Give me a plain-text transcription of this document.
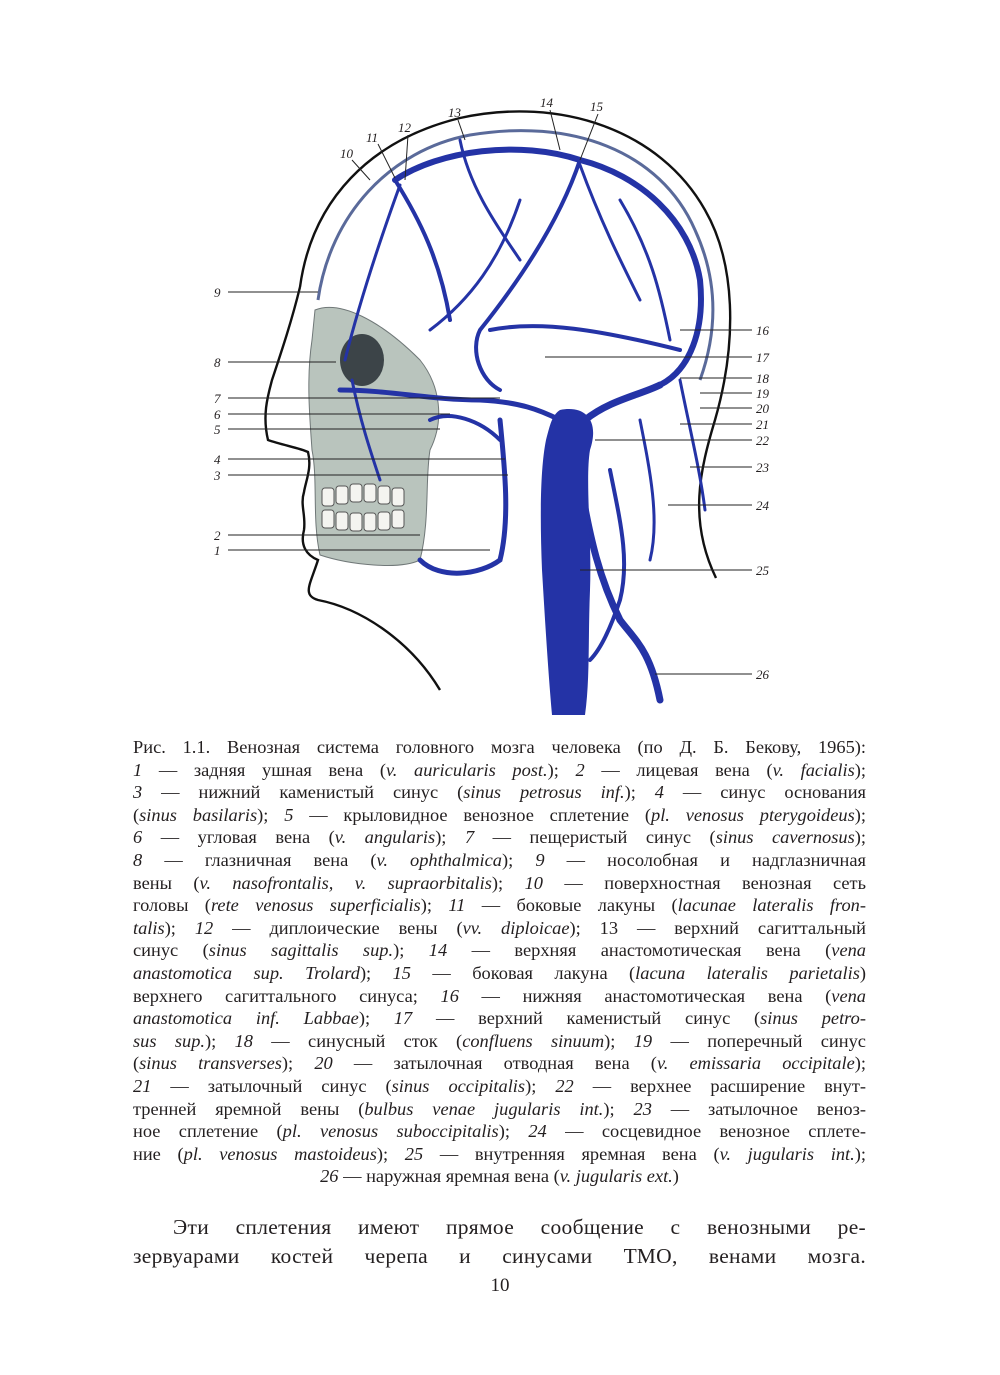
1
2
3
4
5
6
7
8
9
10
11
12
13
14	15
16
17
18
19
20
21
22
23
24
25
26
Рис. 1.1. Венозная система головного мозга человека (по Д. Б. Бекову, 1965):
1 — задняя ушная вена (v. auricularis post.); 2 — лицевая вена (v. facialis);
3 — нижний каменистый синус (sinus petrosus inf.); 4 — синус основания
(sinus basilaris); 5 — крыловидное венозное сплетение (pl. venosus pterygoideus);
6 — угловая вена (v. angularis); 7 — пещеристый синус (sinus cavernosus);
8 — глазничная вена (v. ophthalmica); 9 — носолобная и надглазничная
вены (v. nasofrontalis, v. supraorbitalis); 10 — поверхностная венозная сеть
головы (rete venosus superficialis); 11 — боковые лакуны (lacunae lateralis fron-
talis); 12 — диплоические вены (vv. diploicae); 13 — верхний сагиттальный
синус (sinus sagittalis sup.); 14 — верхняя анастомотическая вена (vena
anastomotica sup. Trolard); 15 — боковая лакуна (lacuna lateralis parietalis)
верхнего сагиттального синуса; 16 — нижняя анастомотическая вена (vena
anastomotica inf. Labbae); 17 — верхний каменистый синус (sinus petro-
sus sup.); 18 — синусный сток (confluens sinuum); 19 — поперечный синус
(sinus transverses); 20 — затылочная отводная вена (v. emissaria occipitale);
21 — затылочный синус (sinus occipitalis); 22 — верхнее расширение внут-
тренней яремной вены (bulbus venae jugularis int.); 23 — затылочное венoз-
ное сплетение (pl. venosus suboccipitalis); 24 — сосцевидное венозное сплете-
ние (pl. venosus mastoideus); 25 — внутренняя яремная вена (v. jugularis int.);
26 — наружная яремная вена (v. jugularis ext.)
Эти сплетения имеют прямое сообщение с венозными ре-
зервуарами костей черепа и синусами ТМО, венами мозга.
10
